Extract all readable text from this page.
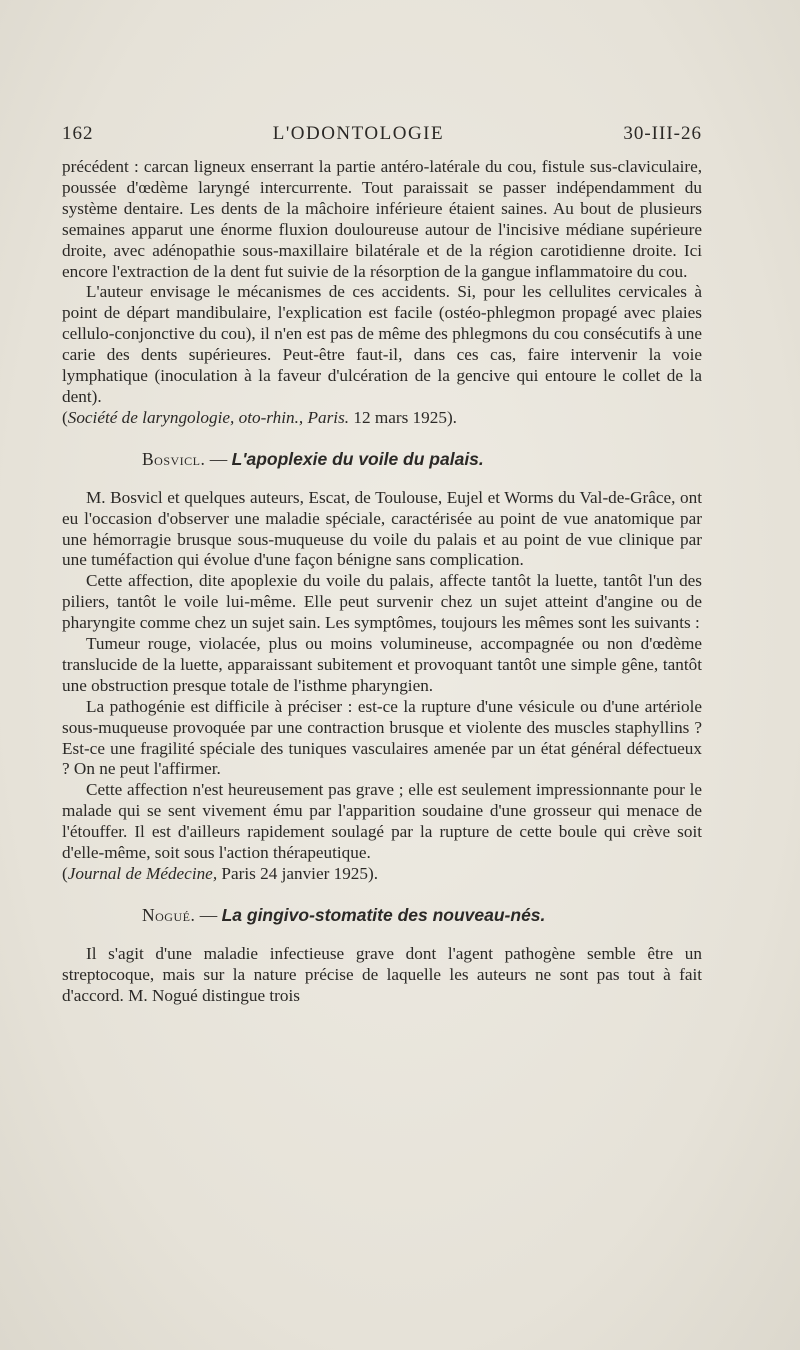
162	L'ODONTOLOGIE	30-III-26

précédent : carcan ligneux enserrant la partie antéro-latérale du cou, fistule sus-claviculaire, poussée d'œdème laryngé intercurrente. Tout paraissait se passer indépendamment du système dentaire. Les dents de la mâchoire inférieure étaient saines. Au bout de plusieurs semaines apparut une énorme fluxion douloureuse autour de l'incisive médiane supérieure droite, avec adénopathie sous-maxillaire bilatérale et de la région carotidienne droite. Ici encore l'extraction de la dent fut suivie de la résorption de la gangue inflammatoire du cou.

L'auteur envisage le mécanismes de ces accidents. Si, pour les cellulites cervicales à point de départ mandibulaire, l'explication est facile (ostéo-phlegmon propagé avec plaies cellulo-conjonctive du cou), il n'en est pas de même des phlegmons du cou consécutifs à une carie des dents supérieures. Peut-être faut-il, dans ces cas, faire intervenir la voie lymphatique (inoculation à la faveur d'ulcération de la gencive qui entoure le collet de la dent).

(Société de laryngologie, oto-rhin., Paris. 12 mars 1925).

Bosvicl. — L'apoplexie du voile du palais.

M. Bosvicl et quelques auteurs, Escat, de Toulouse, Eujel et Worms du Val-de-Grâce, ont eu l'occasion d'observer une maladie spéciale, caractérisée au point de vue anatomique par une hémorragie brusque sous-muqueuse du voile du palais et au point de vue clinique par une tuméfaction qui évolue d'une façon bénigne sans complication.

Cette affection, dite apoplexie du voile du palais, affecte tantôt la luette, tantôt l'un des piliers, tantôt le voile lui-même. Elle peut survenir chez un sujet atteint d'angine ou de pharyngite comme chez un sujet sain. Les symptômes, toujours les mêmes sont les suivants :

Tumeur rouge, violacée, plus ou moins volumineuse, accompagnée ou non d'œdème translucide de la luette, apparaissant subitement et provoquant tantôt une simple gêne, tantôt une obstruction presque totale de l'isthme pharyngien.

La pathogénie est difficile à préciser : est-ce la rupture d'une vésicule ou d'une artériole sous-muqueuse provoquée par une contraction brusque et violente des muscles staphyllins ? Est-ce une fragilité spéciale des tuniques vasculaires amenée par un état général défectueux ? On ne peut l'affirmer.

Cette affection n'est heureusement pas grave ; elle est seulement impressionnante pour le malade qui se sent vivement ému par l'apparition soudaine d'une grosseur qui menace de l'étouffer. Il est d'ailleurs rapidement soulagé par la rupture de cette boule qui crève soit d'elle-même, soit sous l'action thérapeutique.

(Journal de Médecine, Paris 24 janvier 1925).

Nogué. — La gingivo-stomatite des nouveau-nés.

Il s'agit d'une maladie infectieuse grave dont l'agent pathogène semble être un streptocoque, mais sur la nature précise de laquelle les auteurs ne sont pas tout à fait d'accord. M. Nogué distingue trois
